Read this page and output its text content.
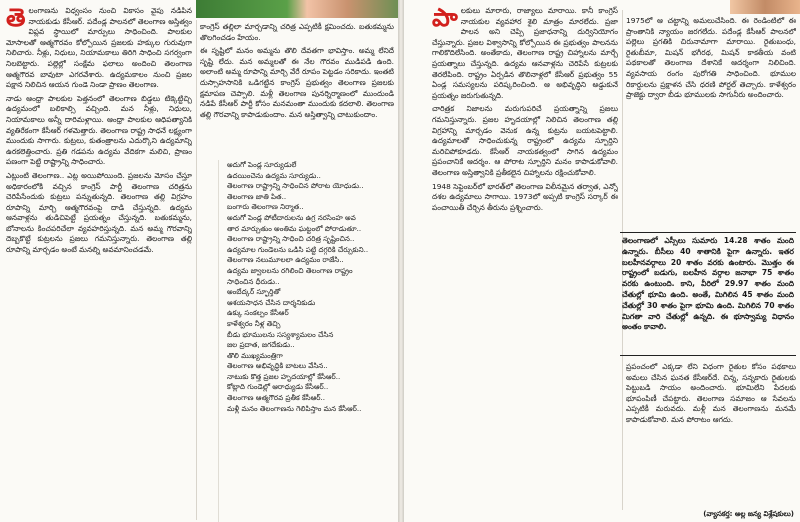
తెలంగాణను విధ్వంసం నుంచి వికాసం వైపు నడిపిన నాయకుడు కేసీఆర్. పదేండ్ల పాలనలో తెలంగాణ అస్తిత్వం విప్లవ స్థాయిలో మార్పులు సాధించింది. పాలకుల మోసాలతో ఆత్మగౌరవం కోల్పోయిన ప్రజలకు హక్కుల గురువుగా నిలిచారు. నీళ్లు, నిధులు, నియామకాలు తిరిగి సాధించి సగర్వంగా నిలబెట్టారు. పల్లెల్లో సంక్షేమ ఫలాలు అందించి తెలంగాణ ఆత్మగౌరవ బావుటా ఎగరవేశారు. ఉద్యమకాలం నుంచి ప్రజల పక్షాన నిలిచిన ఆయన గుండె నిండా ప్రాణం తెలంగాణ.

నాడు ఆంధ్రా పాలకుల పెత్తనంలో తెలంగాణ బిడ్డలు టిక్కెట్టిచ్చి ఉద్యమంలో బలికాల్సి వచ్చింది. మన నీళ్లు, నిధులు, నియామకాలు అన్నీ దారిమళ్లాయి. ఆంధ్రా పాలకుల ఆధిపత్యానికి వ్యతిరేకంగా కేసీఆర్ గళమెత్తారు. తెలంగాణ రాష్ట్ర సాధనే లక్ష్యంగా ముందుకు సాగారు. కుట్రలు, కుతంత్రాలను ఎదుర్కొని ఉద్యమాన్ని ఉరకలెత్తించారు. ప్రతి గడపను ఉద్యమ వేదికగా మలిచి, ప్రాణం పణంగా పెట్టి రాష్ట్రాన్ని సాధించారు.

ఎట్లుంటి తెలంగాణ.. ఎట్ల అయిపోయింది. ప్రజలను మోసం చేస్తూ అధికారంలోకి వచ్చిన కాంగ్రెస్ పార్టీ తెలంగాణ చరిత్రను చెరిపేసేందుకు కుట్రలు పన్నుతున్నది. తెలంగాణ తల్లి విగ్రహం రూపాన్ని మార్చి ఆత్మగౌరవంపై దాడి చేస్తున్నది. ఉద్యమ ఆనవాళ్లను తుడిచిపెట్టే ప్రయత్నం చేస్తున్నది. బతుకమ్మను, బోనాలను కించపరిచేలా వ్యవహరిస్తున్నది. మన అమ్మ గౌరవాన్ని దెబ్బకొట్టే కుట్రలను ప్రజలు గమనిస్తున్నారు. తెలంగాణ తల్లి రూపాన్ని మార్చడం అంటే మనల్ని అవమానించడమే.

కాంగ్రెస్ తల్లిలా మార్చడాన్ని చరిత్ర ఎప్పటికీ క్షమించదు. బతుకమ్మను తొలగించడం హేయం.

ఈ సృష్టిలో మనం అమ్మను తొలి దేవతగా భావిస్తాం. అమ్మ లేనిదే సృష్టి లేదు. మన అమ్మలతో ఈ నేల గౌరవం ముడిపడి ఉంది. అలాంటి అమ్మ రూపాన్ని మార్చి వేరే రూపం పెట్టడం సరికాదు. ఇంతటి దుస్సాహసానికి ఒడిగట్టిన కాంగ్రెస్ ప్రభుత్వం తెలంగాణ ప్రజలకు క్షమాపణ చెప్పాలి. మళ్లీ తెలంగాణ పునర్నిర్మాణంలో ముందుండి నడిపే కేసీఆర్ పార్టీ కోసం మనమంతా ముందుకు కదలాలి. తెలంగాణ తల్లి గౌరవాన్ని కాపాడుకుందాం. మన అస్తిత్వాన్ని చాటుకుందాం.

అదుగో పెండ్ల సూర్యుడులే
ఉదయించెను ఉద్యమ సూర్యుడు..
తెలంగాణ రాష్ట్రాన్ని సాధించిన పోరాట యోధుడు..
తెలంగాణ జాతి పిత..
బంగారు తెలంగాణ నిర్మాత..
అదుగో పెండ్ల పోటీదారులను ఉగ్ర నరసింహ అవ
తార మార్చుతుం అంతిమ ఘట్టంలో పోరాడుతూ..
తెలంగాణ రాష్ట్రాన్ని సాధించి చరిత్ర సృష్టించిన..
ఉద్యమాల గుండెలను ఒడిసి పట్టి దగ్గరికి చేర్చుకుని..
తెలంగాణ నలుమూలలా ఉద్యమం రాజేసి..
ఉద్యమ జ్వాలలను రగిలించి తెలంగాణ రాష్ట్రం
సాధించిన ధీరుడు..
అంబేద్కర్ స్ఫూర్తితో
ఆశయసాధన చేసిన దార్శనికుడు
ఉక్కు సంకల్పం కేసీఆర్
కాళేశ్వరం నీళ్ల తెచ్చి
బీడు భూములను సస్యశ్యామలం చేసిన
జల ప్రదాత, జగదేకుడు..
తొలి ముఖ్యమంత్రిగా
తెలంగాణ అభివృద్ధికి బాటలు వేసిన..
నాటుకు కొత్త ప్రజల హృదయాల్లో కేసీఆర్..
కోట్లాది గుండెల్లో ఆరాధ్యుడు కేసీఆర్..
తెలంగాణ ఆత్మగౌరవ ప్రతీక కేసీఆర్..
మళ్లీ మనం తెలంగాణను గెలిపిస్తాం మన కేసీఆర్..

పాలకులు మారారు, రాజ్యాలు మారాయి. కానీ కాంగ్రెస్ నాయకుల వ్యవహార శైలి మాత్రం మారలేదు. ప్రజా పాలన అని చెప్పి ప్రజాధనాన్ని దుర్వినియోగం చేస్తున్నారు. ప్రజల విశ్వాసాన్ని కోల్పోయిన ఈ ప్రభుత్వం పాలనను గాలికొదిలేసింది. అంతేకాదు, తెలంగాణ రాష్ట్ర చిహ్నాలను మార్చే ప్రయత్నాలు చేస్తున్నది. ఉద్యమ ఆనవాళ్లను చెరిపేసే కుట్రలకు తెరలేపింది. రాష్ట్రం ఏర్పడిన తొలినాళ్లలో కేసీఆర్ ప్రభుత్వం 55 ఏండ్ల సమస్యలను పరిష్కరించింది. ఆ అభివృద్ధిని అడ్డుకునే ప్రయత్నం జరుగుతున్నది.

చారిత్రక నిజాలను మరుగుపరిచే ప్రయత్నాన్ని ప్రజలు గమనిస్తున్నారు. ప్రజల హృదయాల్లో నిలిచిన తెలంగాణ తల్లి విగ్రహాన్ని మార్చడం వెనుక ఉన్న కుట్రను బయటపెట్టాలి. ఉద్యమాలతో సాధించుకున్న రాష్ట్రంలో ఉద్యమ స్ఫూర్తిని మరిచిపోకూడదు. కేసీఆర్ నాయకత్వంలో సాగిన ఉద్యమం ప్రపంచానికే ఆదర్శం. ఆ పోరాట స్ఫూర్తిని మనం కాపాడుకోవాలి. తెలంగాణ అస్తిత్వానికి ప్రతీకలైన చిహ్నాలను రక్షించుకోవాలి.

1948 సెప్టెంబర్‌లో భారత్‌లో తెలంగాణ విలీనమైన తర్వాత, ఎన్నో దశల ఉద్యమాలు సాగాయి. 1973లో అప్పటి కాంగ్రెస్ సర్కార్ ఈ పంచాయితీ చేర్చిన తీరును ప్రశ్నించారు.

1975లో ఆ చట్టాన్ని అమలుచేసింది. ఈ రెండింటిలో ఈ ప్రాంతానికి న్యాయం జరగలేదు. పదేండ్ల కేసీఆర్ పాలనలో పల్లెలు ప్రగతికి చిరునామాగా మారాయి. రైతుబంధు, రైతుబీమా, మిషన్ భగీరథ, మిషన్ కాకతీయ వంటి పథకాలతో తెలంగాణ దేశానికే ఆదర్శంగా నిలిచింది. వ్యవసాయ రంగం పురోగతి సాధించింది. భూముల రికార్డులను ప్రక్షాళన చేసి ధరణి పోర్టల్ తెచ్చారు. కాళేశ్వరం ప్రాజెక్టు ద్వారా బీడు భూములకు సాగునీరు అందించారు.

ప్రపంచంలో ఎక్కడా లేని విధంగా రైతుల కోసం పథకాలు అమలు చేసిన ఘనత కేసీఆర్‌దే. చిన్న, సన్నకారు రైతులకు పెట్టుబడి సాయం అందించారు. భూమిలేని పేదలకు భూపంపిణీ చేపట్టారు. తెలంగాణ సమాజం ఆ సేవలను ఎప్పటికీ మరువదు. మళ్లీ మన తెలంగాణను మనమే కాపాడుకోవాలి. మన పోరాటం ఆగదు.

తెలంగాణలో ఎస్సీలు సుమారు 14.28 శాతం మంది ఉన్నారు. బీసీలు 40 శాతానికి పైగా ఉన్నారు. ఇతర బలహీనవర్గాలు 20 శాతం వరకు ఉంటారు. మొత్తం ఈ రాష్ట్రంలో బడుగు, బలహీన వర్గాల జనాభా 75 శాతం వరకు ఉంటుంది. కాని, వీరిలో 29.97 శాతం మంది చేతుల్లో భూమి ఉంది. అంతే, మిగిలిన 45 శాతం మంది చేతుల్లో 30 శాతం పైగా భూమి ఉంది. మిగిలిన 70 శాతం మిగతా వారి చేతుల్లో ఉన్నది. ఈ భూస్వామ్య విధానం అంతం కావాలి.
(వ్యాసకర్త: అల్ల జన్య విశ్లేషకులు)
